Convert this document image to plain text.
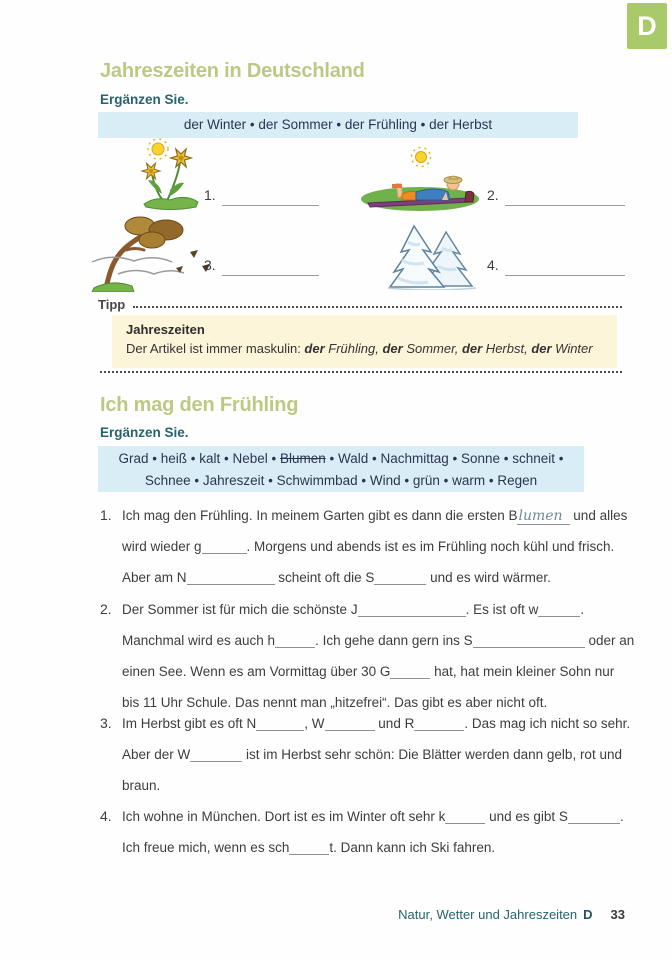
D
Jahreszeiten in Deutschland
Ergänzen Sie.
der Winter • der Sommer • der Frühling • der Herbst
1.	2.
3.	4.
Tipp
Jahreszeiten
Der Artikel ist immer maskulin: der Frühling, der Sommer, der Herbst, der Winter
Ich mag den Frühling
Ergänzen Sie.
Grad • heiß • kalt • Nebel • Blumen • Wald • Nachmittag • Sonne • schneit •
Schnee • Jahreszeit • Schwimmbad • Wind • grün • warm • Regen
1. Ich mag den Frühling. In meinem Garten gibt es dann die ersten Blumen und alles
wird wieder g	. Morgens und abends ist es im Frühling noch kühl und frisch.
Aber am N	scheint oft die S	und es wird wärmer.
2. Der Sommer ist für mich die schönste J	. Es ist oft w	.
Manchmal wird es auch h	. Ich gehe dann gern ins S	oder an
einen See. Wenn es am Vormittag über 30 G	hat, hat mein kleiner Sohn nur
bis 11 Uhr Schule. Das nennt man „hitzefrei“. Das gibt es aber nicht oft.
3. Im Herbst gibt es oft N	, W	und R	. Das mag ich nicht so sehr.
Aber der W	ist im Herbst sehr schön: Die Blätter werden dann gelb, rot und
braun.
4. Ich wohne in München. Dort ist es im Winter oft sehr k	und es gibt S	.
Ich freue mich, wenn es sch	t. Dann kann ich Ski fahren.
Natur, Wetter und Jahreszeiten D 33
